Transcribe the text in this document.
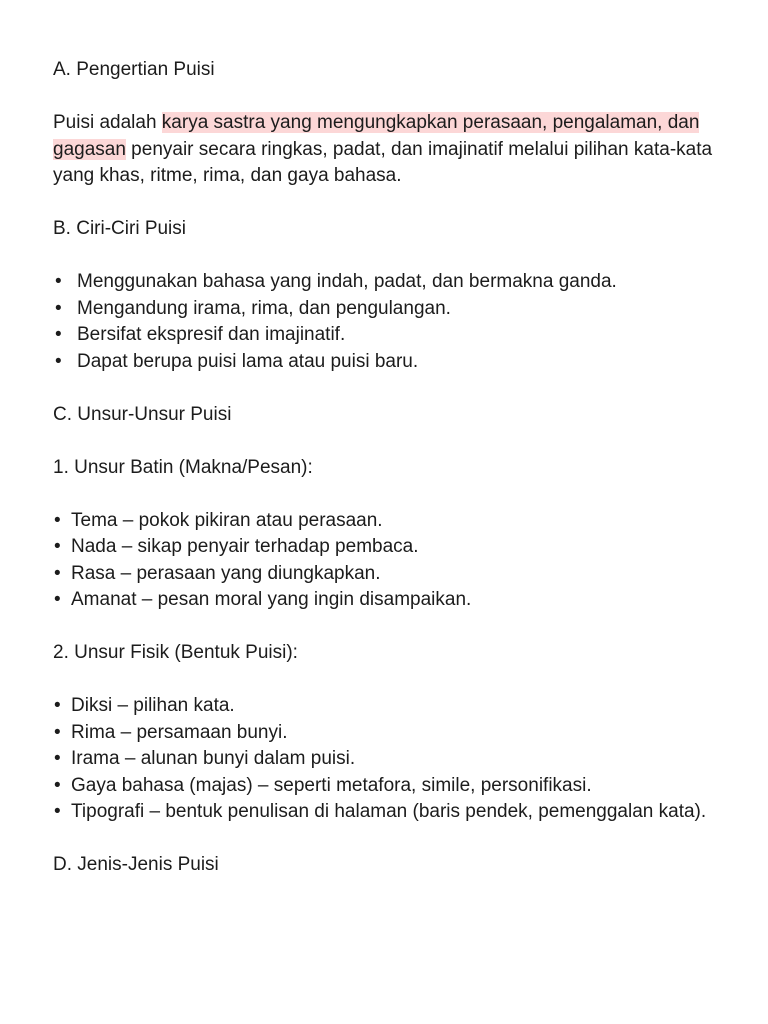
A. Pengertian Puisi

Puisi adalah karya sastra yang mengungkapkan perasaan, pengalaman, dan gagasan penyair secara ringkas, padat, dan imajinatif melalui pilihan kata-kata yang khas, ritme, rima, dan gaya bahasa.

B. Ciri-Ciri Puisi

• Menggunakan bahasa yang indah, padat, dan bermakna ganda.
• Mengandung irama, rima, dan pengulangan.
• Bersifat ekspresif dan imajinatif.
• Dapat berupa puisi lama atau puisi baru.

C. Unsur-Unsur Puisi

1. Unsur Batin (Makna/Pesan):

• Tema – pokok pikiran atau perasaan.
• Nada – sikap penyair terhadap pembaca.
• Rasa – perasaan yang diungkapkan.
• Amanat – pesan moral yang ingin disampaikan.

2. Unsur Fisik (Bentuk Puisi):

• Diksi – pilihan kata.
• Rima – persamaan bunyi.
• Irama – alunan bunyi dalam puisi.
• Gaya bahasa (majas) – seperti metafora, simile, personifikasi.
• Tipografi – bentuk penulisan di halaman (baris pendek, pemenggalan kata).

D. Jenis-Jenis Puisi
